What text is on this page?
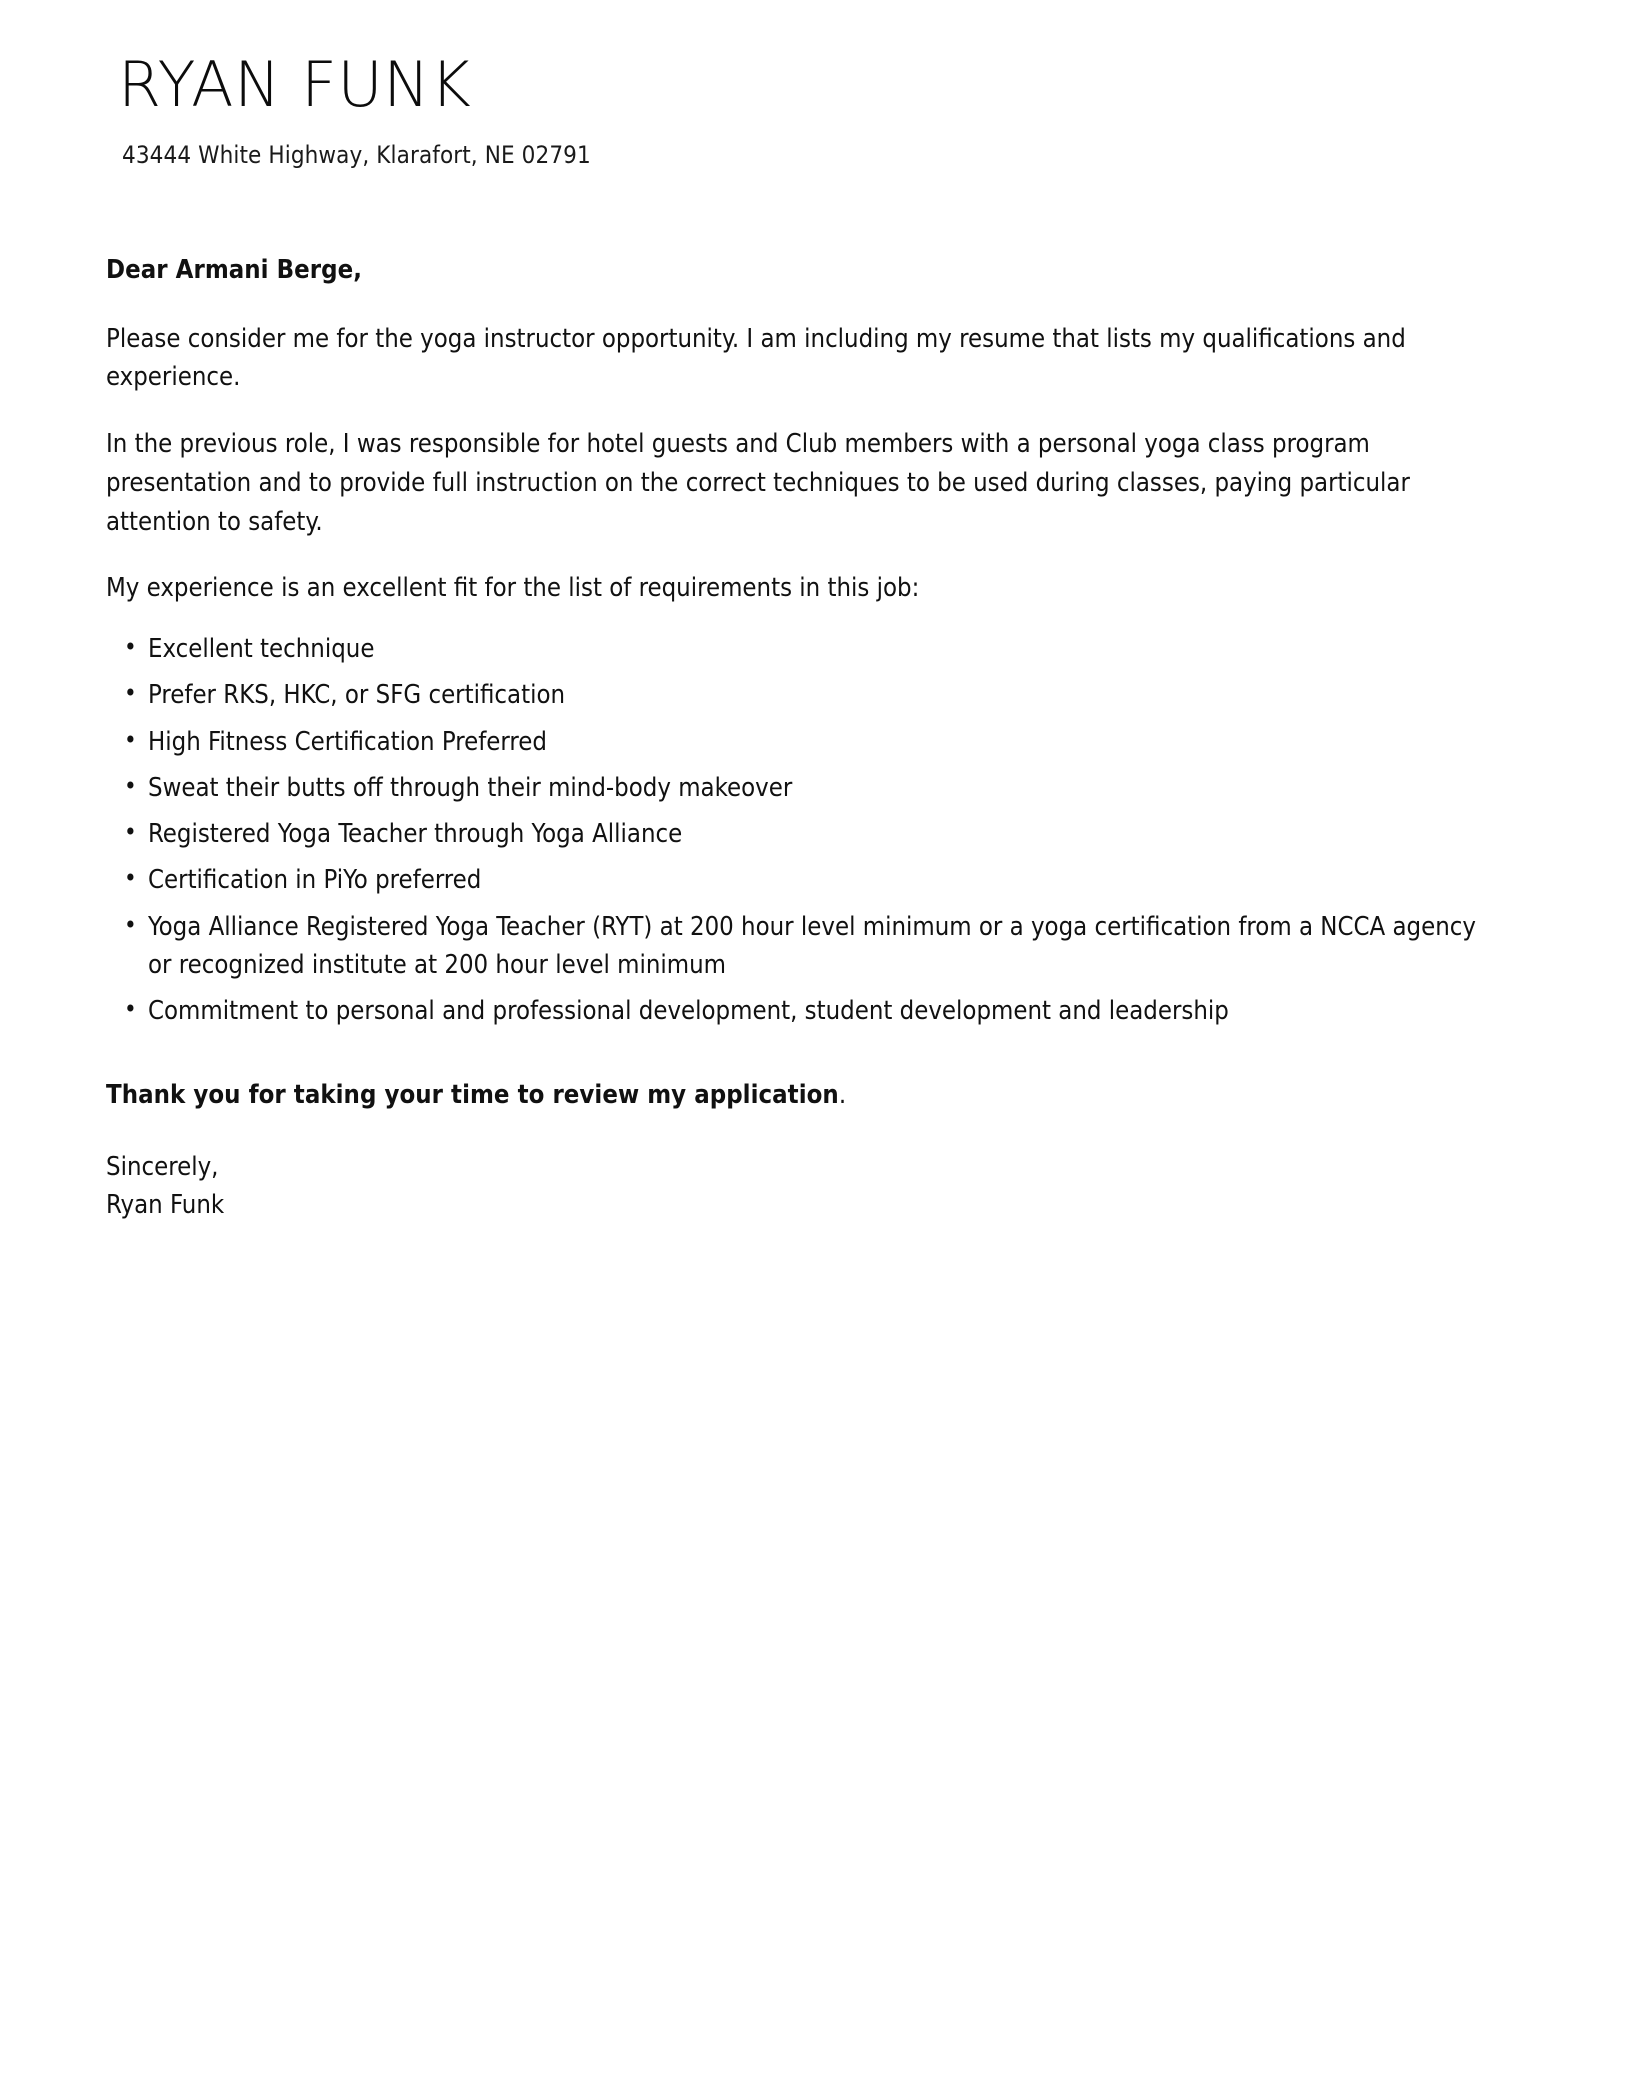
RYAN FUNK
43444 White Highway, Klarafort, NE 02791

Dear Armani Berge,

Please consider me for the yoga instructor opportunity. I am including my resume that lists my qualifications and experience.

In the previous role, I was responsible for hotel guests and Club members with a personal yoga class program presentation and to provide full instruction on the correct techniques to be used during classes, paying particular attention to safety.

My experience is an excellent fit for the list of requirements in this job:

• Excellent technique
• Prefer RKS, HKC, or SFG certification
• High Fitness Certification Preferred
• Sweat their butts off through their mind-body makeover
• Registered Yoga Teacher through Yoga Alliance
• Certification in PiYo preferred
• Yoga Alliance Registered Yoga Teacher (RYT) at 200 hour level minimum or a yoga certification from a NCCA agency or recognized institute at 200 hour level minimum
• Commitment to personal and professional development, student development and leadership

Thank you for taking your time to review my application.

Sincerely,
Ryan Funk
